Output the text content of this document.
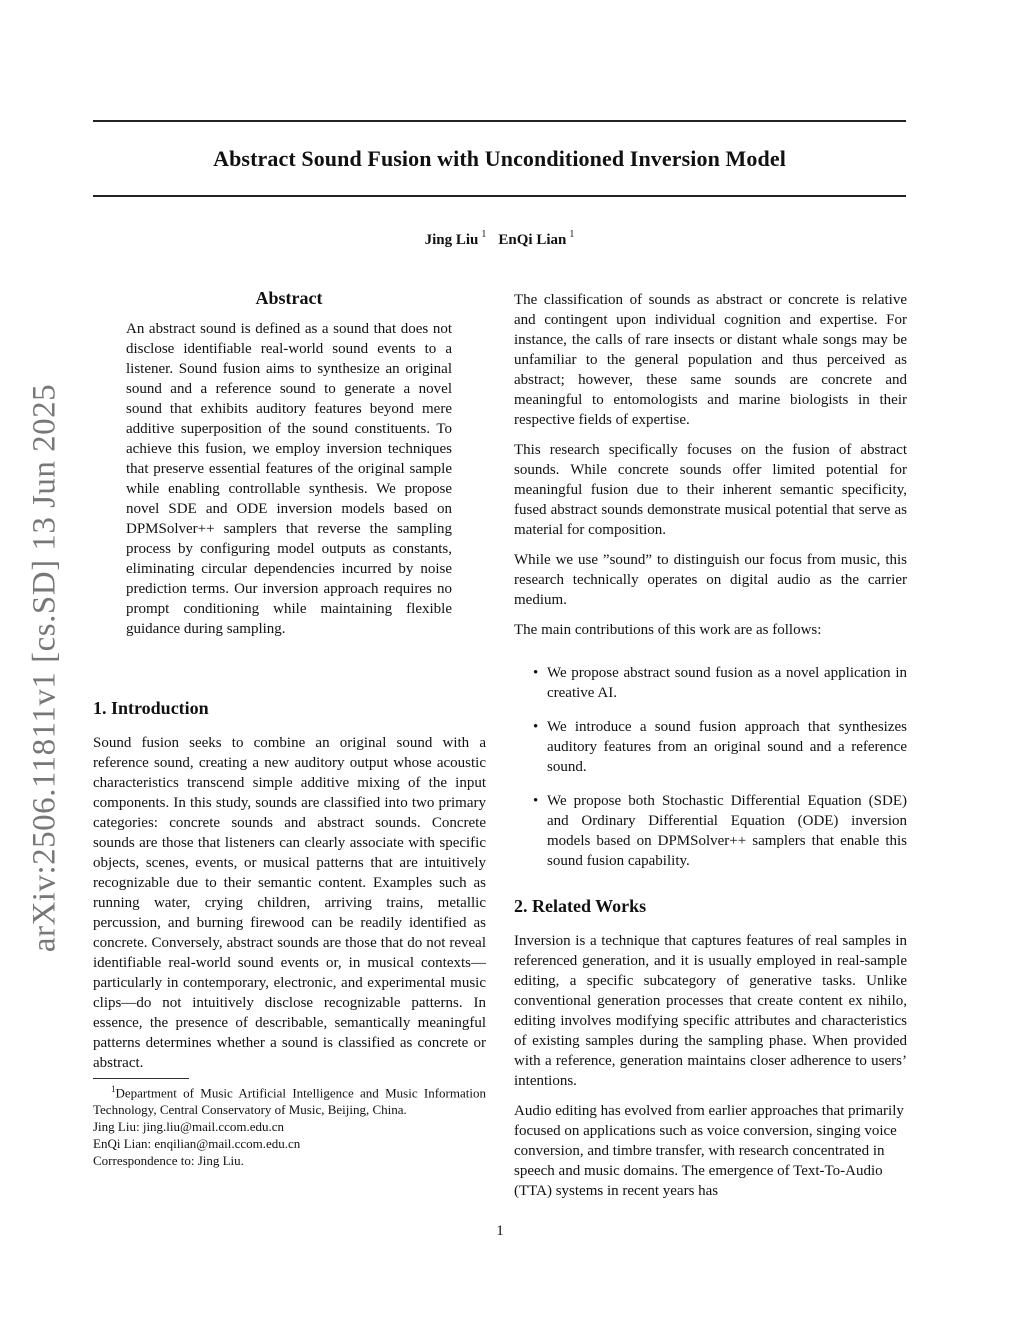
Abstract Sound Fusion with Unconditioned Inversion Model
Jing Liu $^1$ EnQi Lian $^1$
arXiv:2506.11811v1 [cs.SD] 13 Jun 2025
Abstract
An abstract sound is defined as a sound that does not disclose identifiable real-world sound events to a listener. Sound fusion aims to synthesize an original sound and a reference sound to generate a novel sound that exhibits auditory features beyond mere additive superposition of the sound constituents. To achieve this fusion, we employ inversion techniques that preserve essential features of the original sample while enabling controllable synthesis. We propose novel SDE and ODE inversion models based on DPMSolver++ samplers that reverse the sampling process by configuring model outputs as constants, eliminating circular dependencies incurred by noise prediction terms. Our inversion approach requires no prompt conditioning while maintaining flexible guidance during sampling.
1. Introduction

Sound fusion seeks to combine an original sound with a reference sound, creating a new auditory output whose acoustic characteristics transcend simple additive mixing of the input components. In this study, sounds are classified into two primary categories: concrete sounds and abstract sounds. Concrete sounds are those that listeners can clearly associate with specific objects, scenes, events, or musical patterns that are intuitively recognizable due to their semantic content. Examples such as running water, crying children, arriving trains, metallic percussion, and burning firewood can be readily identified as concrete. Conversely, abstract sounds are those that do not reveal identifiable real-world sound events or, in musical contexts—particularly in contemporary, electronic, and experimental music clips—do not intuitively disclose recognizable patterns. In essence, the presence of describable, semantically meaningful patterns determines whether a sound is classified as concrete or abstract.

$^1$Department of Music Artificial Intelligence and Music Information Technology, Central Conservatory of Music, Beijing, China.
Jing Liu: jing.liu@mail.ccom.edu.cn
EnQi Lian: enqilian@mail.ccom.edu.cn
Correspondence to: Jing Liu.

The classification of sounds as abstract or concrete is relative and contingent upon individual cognition and expertise. For instance, the calls of rare insects or distant whale songs may be unfamiliar to the general population and thus perceived as abstract; however, these same sounds are concrete and meaningful to entomologists and marine biologists in their respective fields of expertise.

This research specifically focuses on the fusion of abstract sounds. While concrete sounds offer limited potential for meaningful fusion due to their inherent semantic specificity, fused abstract sounds demonstrate musical potential that serve as material for composition.

While we use ”sound” to distinguish our focus from music, this research technically operates on digital audio as the carrier medium.

The main contributions of this work are as follows:

• We propose abstract sound fusion as a novel application in creative AI.
• We introduce a sound fusion approach that synthesizes auditory features from an original sound and a reference sound.
• We propose both Stochastic Differential Equation (SDE) and Ordinary Differential Equation (ODE) inversion models based on DPMSolver++ samplers that enable this sound fusion capability.
2. Related Works

Inversion is a technique that captures features of real samples in referenced generation, and it is usually employed in real-sample editing, a specific subcategory of generative tasks. Unlike conventional generation processes that create content ex nihilo, editing involves modifying specific attributes and characteristics of existing samples during the sampling phase. When provided with a reference, generation maintains closer adherence to users’ intentions.

Audio editing has evolved from earlier approaches that primarily focused on applications such as voice conversion, singing voice conversion, and timbre transfer, with research concentrated in speech and music domains. The emergence of Text-To-Audio (TTA) systems in recent years has

1
